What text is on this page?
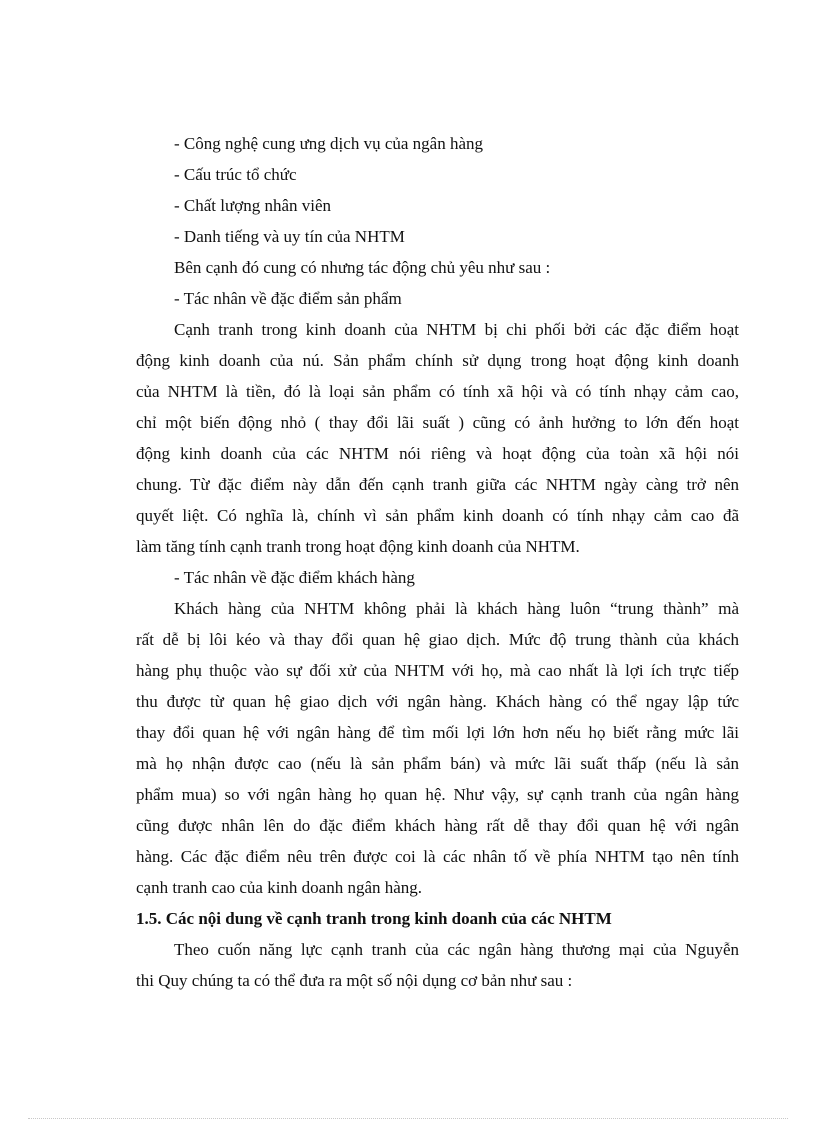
- Công nghệ cung ưng dịch vụ của ngân hàng
- Cấu trúc tổ chức
- Chất lượng nhân viên
- Danh tiếng và uy tín của NHTM
Bên cạnh đó cung có nhưng tác động chủ yêu như sau :
- Tác nhân về đặc điểm sản phẩm
Cạnh tranh trong kinh doanh của NHTM bị chi phối bởi các đặc điểm hoạt
động kinh doanh của nú. Sản phẩm chính sử dụng trong hoạt động kinh doanh
của NHTM là tiền, đó là loại sản phẩm có tính xã hội và có tính nhạy cảm cao,
chỉ một biến động nhỏ ( thay đổi lãi suất ) cũng có ảnh hưởng to lớn đến hoạt
động kinh doanh của các NHTM nói riêng và hoạt động của toàn xã hội nói
chung. Từ đặc điểm này dẫn đến cạnh tranh giữa các NHTM ngày càng trở nên
quyết liệt. Có nghĩa là, chính vì sản phẩm kinh doanh có tính nhạy cảm cao đã
làm tăng tính cạnh tranh trong hoạt động kinh doanh của NHTM.
- Tác nhân về đặc điểm khách hàng
Khách hàng của NHTM không phải là khách hàng luôn “trung thành” mà
rất dễ bị lôi kéo và thay đổi quan hệ giao dịch. Mức độ trung thành của khách
hàng phụ thuộc vào sự đối xử của NHTM với họ, mà cao nhất là lợi ích trực tiếp
thu được từ quan hệ giao dịch với ngân hàng. Khách hàng có thể ngay lập tức
thay đổi quan hệ với ngân hàng để tìm mối lợi lớn hơn nếu họ biết rằng mức lãi
mà họ nhận được cao (nếu là sản phẩm bán) và mức lãi suất thấp (nếu là sản
phẩm mua) so với ngân hàng họ quan hệ. Như vậy, sự cạnh tranh của ngân hàng
cũng được nhân lên do đặc điểm khách hàng rất dễ thay đổi quan hệ với ngân
hàng. Các đặc điểm nêu trên được coi là các nhân tố về phía NHTM tạo nên tính
cạnh tranh cao của kinh doanh ngân hàng.
1.5. Các nội dung về cạnh tranh trong kinh doanh của các NHTM
Theo cuốn năng lực cạnh tranh của các ngân hàng thương mại của Nguyễn
thi Quy chúng ta có thể đưa ra một số nội dụng cơ bản như sau :
